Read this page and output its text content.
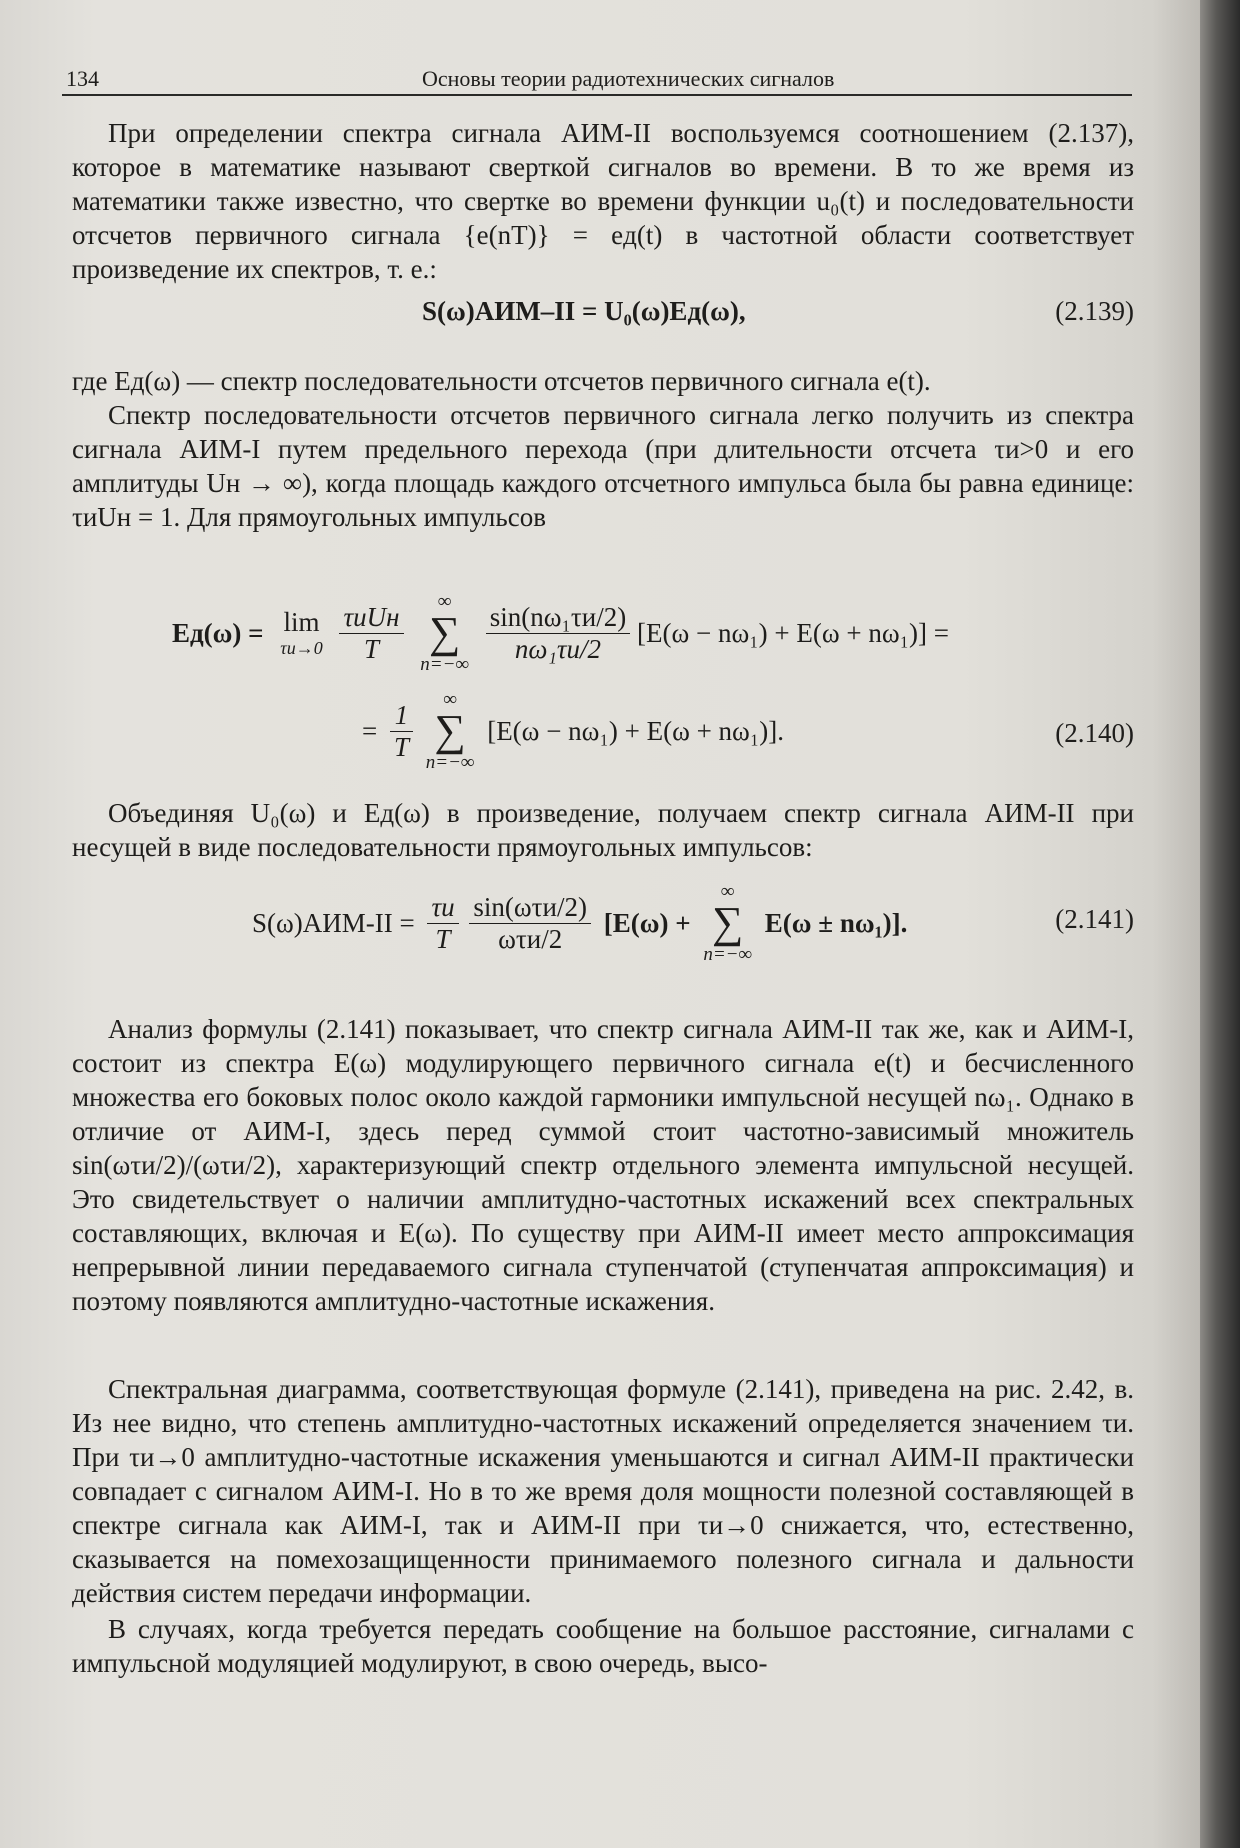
134	Основы теории радиотехнических сигналов

При определении спектра сигнала АИМ-II воспользуемся соотношением (2.137), которое в математике называют сверткой сигналов во времени. В то же время из математики также известно, что свертке во времени функции u₀(t) и последовательности отсчетов первичного сигнала {e(nT)} = eд(t) в частотной области соответствует произведение их спектров, т. е.:

S(ω)АИМ–II = U₀(ω)Eд(ω),	(2.139)

где Eд(ω) — спектр последовательности отсчетов первичного сигнала e(t).

Спектр последовательности отсчетов первичного сигнала легко получить из спектра сигнала АИМ-I путем предельного перехода (при длительности отсчета τи>0 и его амплитуды Uн → ∞), когда площадь каждого отсчетного импульса была бы равна единице: τиUн = 1. Для прямоугольных импульсов

Eд(ω) = lim
τи→0
$\frac{\text{τиUн}}{T}$
	∞
∑
n=−∞
$\frac{\text{sin(nω₁τи/2)}}{\text{nω₁τи/2}} [E(\omega - n\omega_1) + E(\omega + n\omega_1)]$ =
= $\frac{1}{T}$
	∞
∑
n=−∞
[E(ω − nω₁) + E(ω + nω₁)].	(2.140)

Объединяя U₀(ω) и Eд(ω) в произведение, получаем спектр сигнала АИМ-II при несущей в виде последовательности прямоугольных импульсов:

$S(\omega)АИМ-II = \frac{\tau и}{T}$
$\frac{\text{sin(ωτи/2)}}{\text{ωτи/2}} [E(\omega)$ +
∞
∑
n=−∞
E(ω ± nω₁)].	(2.141)

Анализ формулы (2.141) показывает, что спектр сигнала АИМ-II так же, как и АИМ-I, состоит из спектра E(ω) модулирующего первичного сигнала e(t) и бесчисленного множества его боковых полос около каждой гармоники импульсной несущей nω₁. Однако в отличие от АИМ-I, здесь перед суммой стоит частотно-зависимый множитель sin(ωτи/2)/(ωτи/2), характеризующий спектр отдельного элемента импульсной несущей. Это свидетельствует о наличии амплитудно-частотных искажений всех спектральных составляющих, включая и E(ω). По существу при АИМ-II имеет место аппроксимация непрерывной линии передаваемого сигнала ступенчатой (ступенчатая аппроксимация) и поэтому появляются амплитудно-частотные искажения.

Спектральная диаграмма, соответствующая формуле (2.141), приведена на рис. 2.42, в. Из нее видно, что степень амплитудно-частотных искажений определяется значением τи. При τи→0 амплитудно-частотные искажения уменьшаются и сигнал АИМ-II практически совпадает с сигналом АИМ-I. Но в то же время доля мощности полезной составляющей в спектре сигнала как АИМ-I, так и АИМ-II при τи→0 снижается, что, естественно, сказывается на помехозащищенности принимаемого полезного сигнала и дальности действия систем передачи информации.

В случаях, когда требуется передать сообщение на большое расстояние, сигналами с импульсной модуляцией модулируют, в свою очередь, высо-
